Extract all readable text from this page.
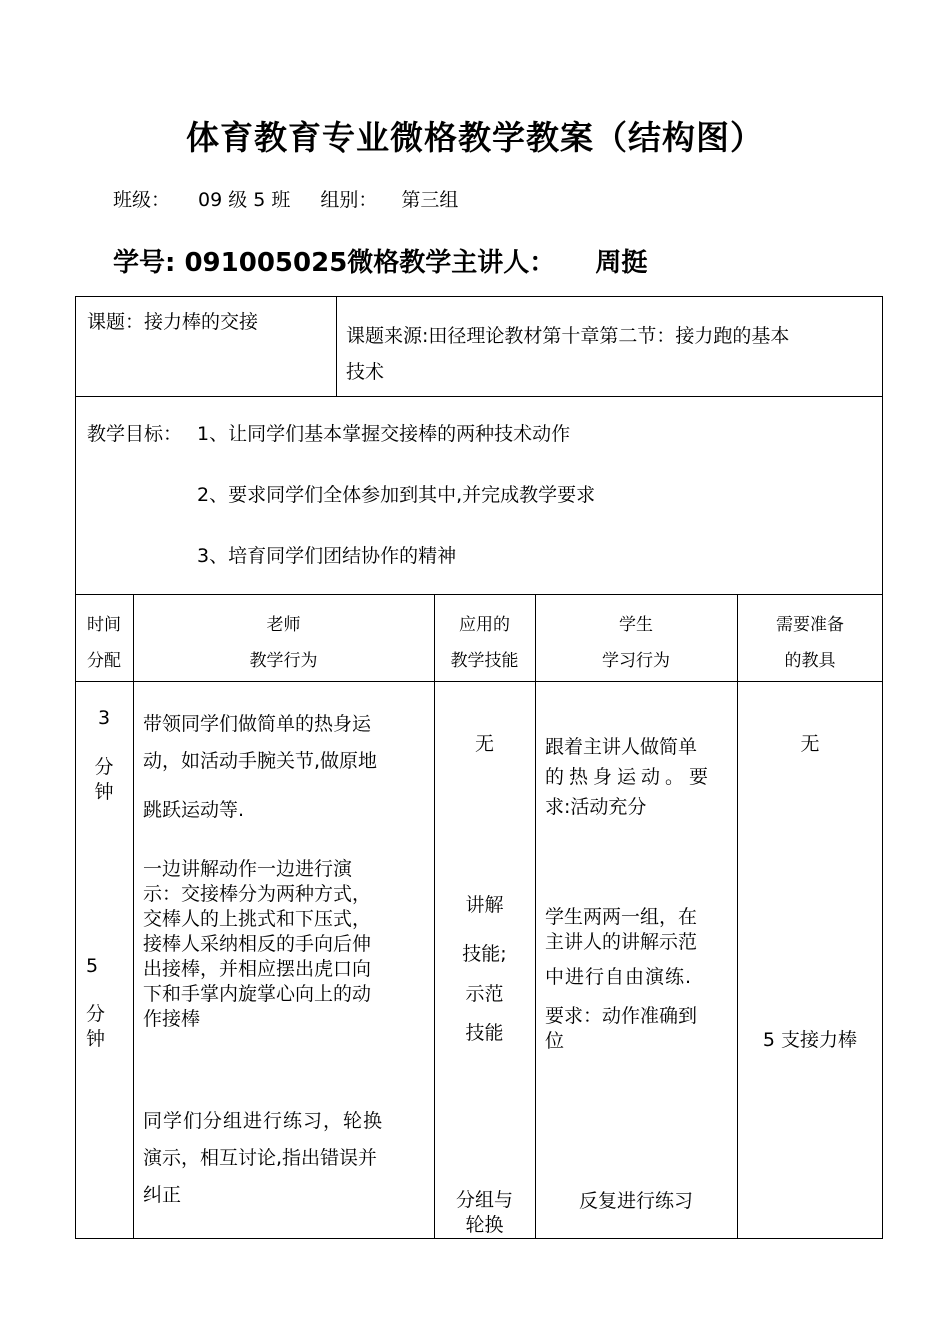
体育教育专业微格教学教案（结构图）
班级： 09 级 5 班 组别： 第三组
学号: 091005025微格教学主讲人： 周挺
课题：接力棒的交接
课题来源:田径理论教材第十章第二节：接力跑的基本
技术
教学目标： 1、让同学们基本掌握交接棒的两种技术动作
2、要求同学们全体参加到其中,并完成教学要求
3、培育同学们团结协作的精神
时间
分配
老师
教学行为
应用的
教学技能
学生
学习行为
需要准备
的教具
3
分
钟
带领同学们做简单的热身运
动，如活动手腕关节,做原地
跳跃运动等.
无	跟着主讲人做简单
的热身运动。要
求:活动充分
无
5
分
钟
一边讲解动作一边进行演
示：交接棒分为两种方式，
交棒人的上挑式和下压式，
接棒人采纳相反的手向后伸
出接棒，并相应摆出虎口向
下和手掌内旋掌心向上的动
作接棒
同学们分组进行练习，轮换
演示，相互讨论,指出错误并
纠正
讲解
技能;
示范
技能
分组与
轮换
学生两两一组，在
主讲人的讲解示范
中进行自由演练.
要求：动作准确到
位
反复进行练习
5 支接力棒
